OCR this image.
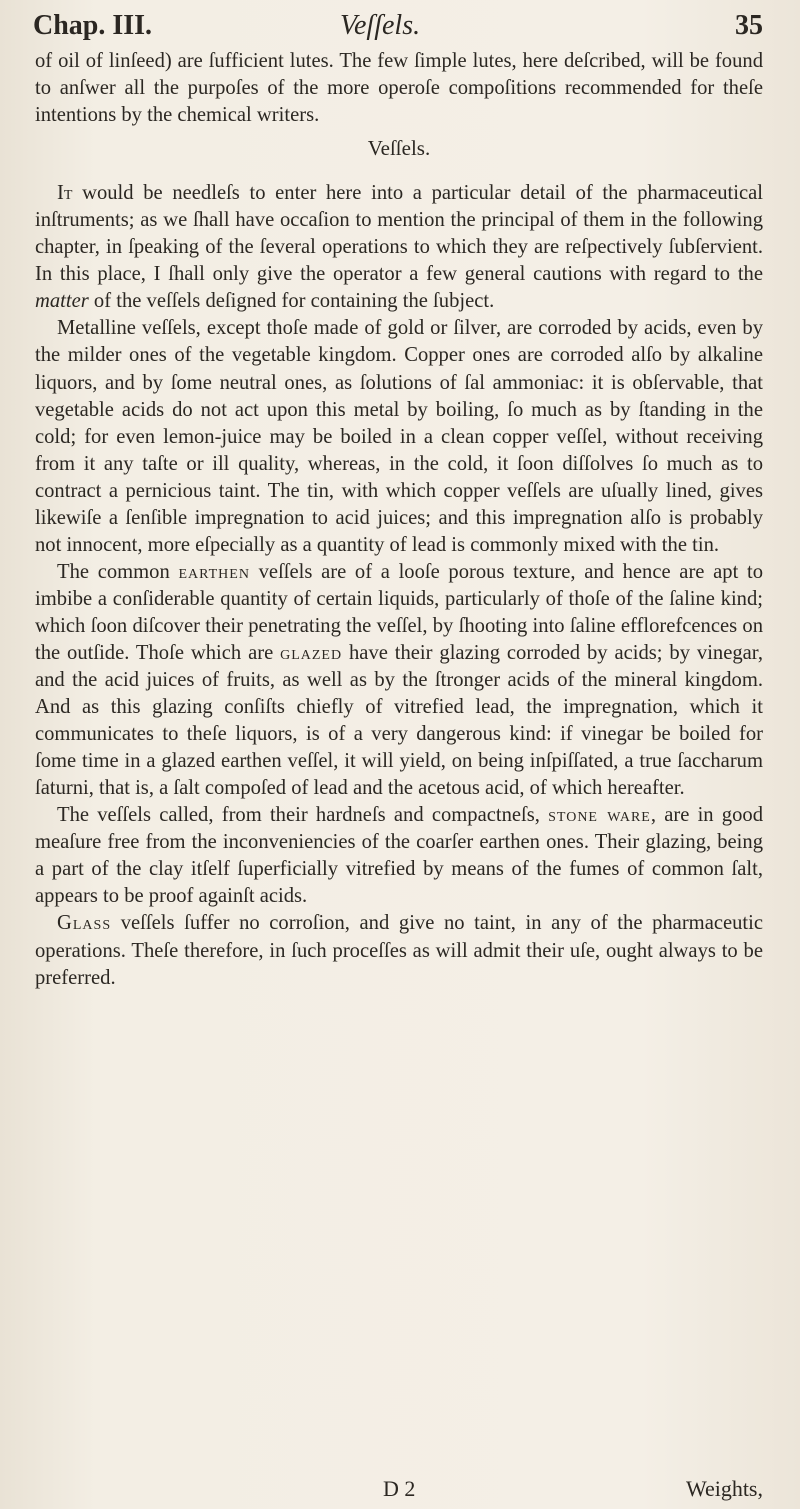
Chap. III.	Veſſels.	35

of oil of linſeed) are ſufficient lutes. The few ſimple lutes, here deſcribed, will be found to anſwer all the purpoſes of the more operoſe compoſitions recommended for theſe intentions by the chemical writers.

Veſſels.

It would be needleſs to enter here into a particular detail of the pharmaceutical inſtruments; as we ſhall have occaſion to mention the principal of them in the following chapter, in ſpeaking of the ſeveral operations to which they are reſpectively ſubſervient. In this place, I ſhall only give the operator a few general cautions with regard to the matter of the veſſels deſigned for containing the ſubject.

Metalline veſſels, except thoſe made of gold or ſilver, are corroded by acids, even by the milder ones of the vegetable kingdom. Copper ones are corroded alſo by alkaline liquors, and by ſome neutral ones, as ſolutions of ſal ammoniac: it is obſervable, that vegetable acids do not act upon this metal by boiling, ſo much as by ſtanding in the cold; for even lemon-juice may be boiled in a clean copper veſſel, without receiving from it any taſte or ill quality, whereas, in the cold, it ſoon diſſolves ſo much as to contract a pernicious taint. The tin, with which copper veſſels are uſually lined, gives likewiſe a ſenſible impregnation to acid juices; and this impregnation alſo is probably not innocent, more eſpecially as a quantity of lead is commonly mixed with the tin.

The common earthen veſſels are of a looſe porous texture, and hence are apt to imbibe a conſiderable quantity of certain liquids, particularly of thoſe of the ſaline kind; which ſoon diſcover their penetrating the veſſel, by ſhooting into ſaline efflorefcences on the outſide. Thoſe which are glazed have their glazing corroded by acids; by vinegar, and the acid juices of fruits, as well as by the ſtronger acids of the mineral kingdom. And as this glazing conſiſts chiefly of vitrefied lead, the impregnation, which it communicates to theſe liquors, is of a very dangerous kind: if vinegar be boiled for ſome time in a glazed earthen veſſel, it will yield, on being inſpiſſated, a true ſaccharum ſaturni, that is, a ſalt compoſed of lead and the acetous acid, of which hereafter.

The veſſels called, from their hardneſs and compactneſs, stone ware, are in good meaſure free from the inconveniencies of the coarſer earthen ones. Their glazing, being a part of the clay itſelf ſuperficially vitrefied by means of the fumes of common ſalt, appears to be proof againſt acids.

Glass veſſels ſuffer no corroſion, and give no taint, in any of the pharmaceutic operations. Theſe therefore, in ſuch proceſſes as will admit their uſe, ought always to be preferred.

D 2	Weights,
